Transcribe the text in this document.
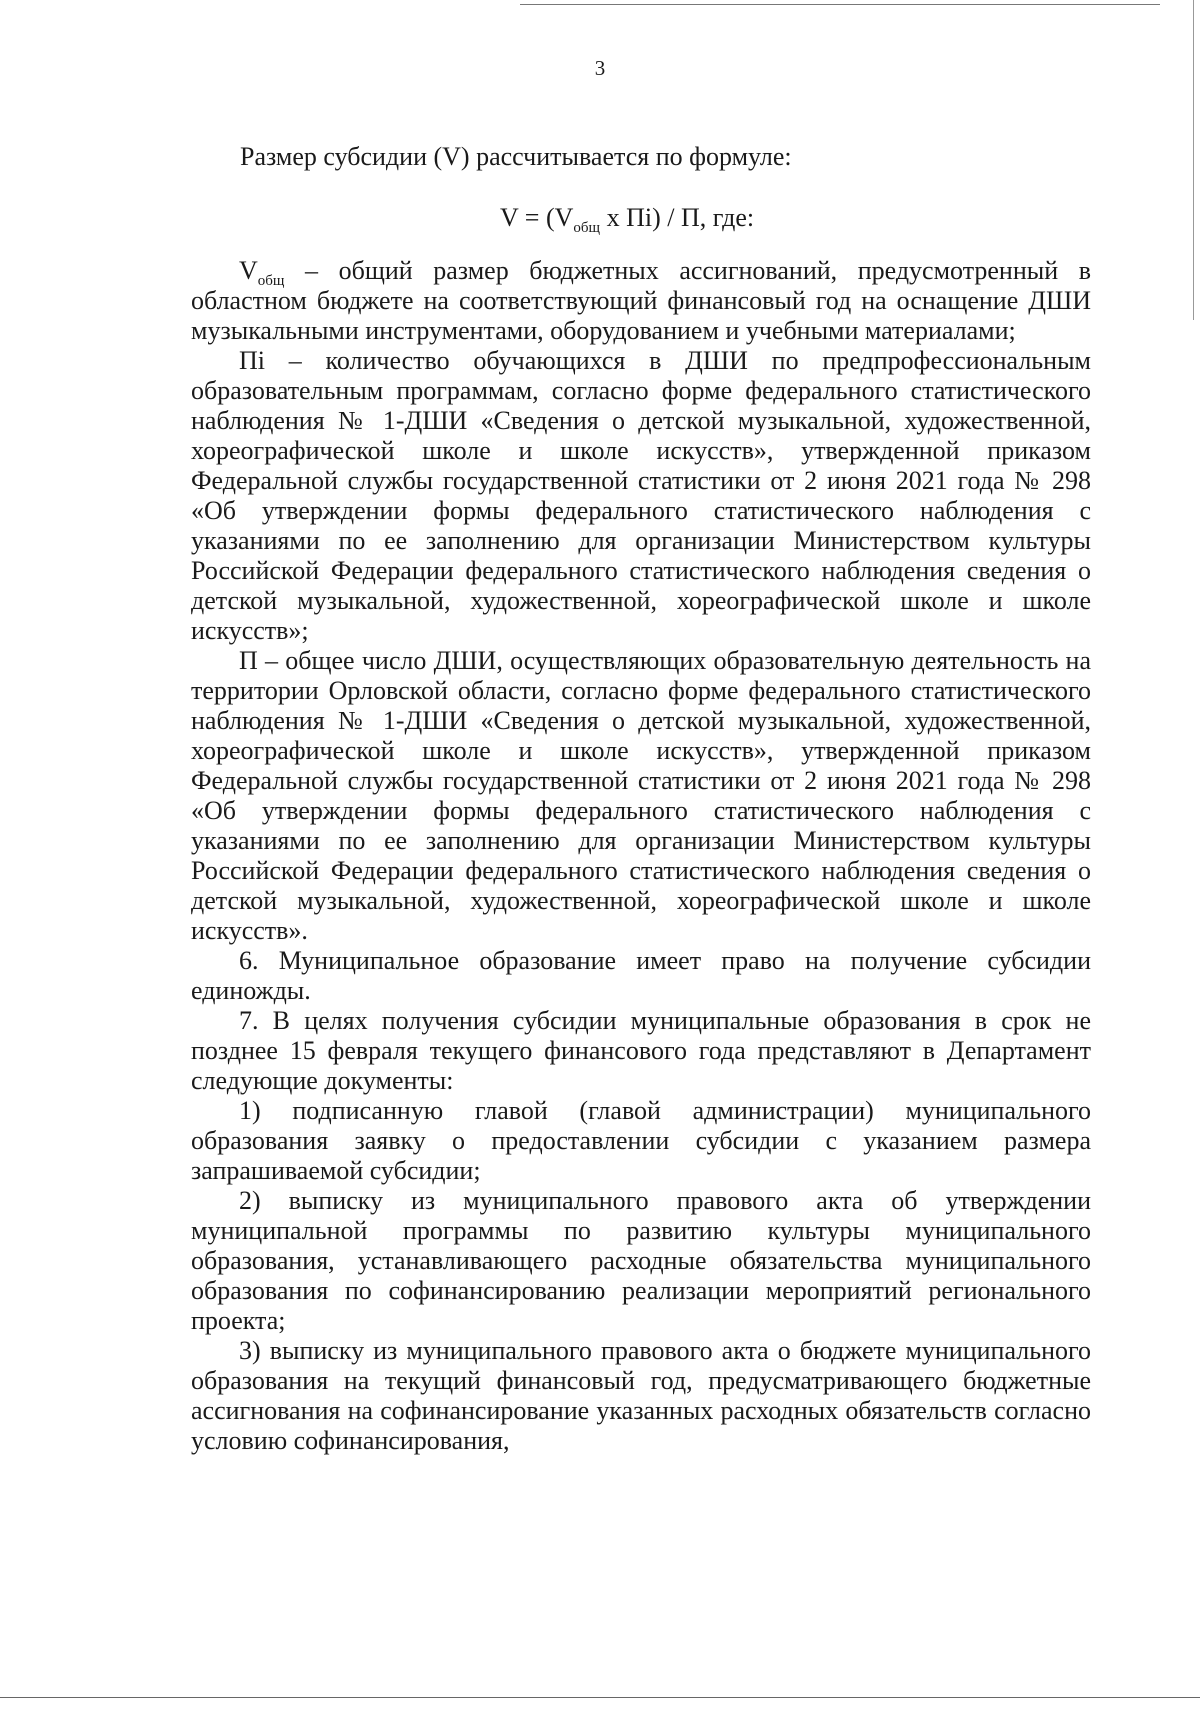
3
Размер субсидии (V) рассчитывается по формуле:
$V = (V_{общ}$ x Пі) / П, где:

$V_{общ}$ – общий размер бюджетных ассигнований, предусмотренный в областном бюджете на соответствующий финансовый год на оснащение ДШИ музыкальными инструментами, оборудованием и учебными материалами;

Пі – количество обучающихся в ДШИ по предпрофессиональным образовательным программам, согласно форме федерального статистического наблюдения № 1-ДШИ «Сведения о детской музыкальной, художественной, хореографической школе и школе искусств», утвержденной приказом Федеральной службы государственной статистики от 2 июня 2021 года № 298 «Об утверждении формы федерального статистического наблюдения с указаниями по ее заполнению для организации Министерством культуры Российской Федерации федерального статистического наблюдения сведения о детской музыкальной, художественной, хореографической школе и школе искусств»;

П – общее число ДШИ, осуществляющих образовательную деятельность на территории Орловской области, согласно форме федерального статистического наблюдения № 1-ДШИ «Сведения о детской музыкальной, художественной, хореографической школе и школе искусств», утвержденной приказом Федеральной службы государственной статистики от 2 июня 2021 года № 298 «Об утверждении формы федерального статистического наблюдения с указаниями по ее заполнению для организации Министерством культуры Российской Федерации федерального статистического наблюдения сведения о детской музыкальной, художественной, хореографической школе и школе искусств».

6. Муниципальное образование имеет право на получение субсидии единожды.

7. В целях получения субсидии муниципальные образования в срок не позднее 15 февраля текущего финансового года представляют в Департамент следующие документы:

1) подписанную главой (главой администрации) муниципального образования заявку о предоставлении субсидии с указанием размера запрашиваемой субсидии;

2) выписку из муниципального правового акта об утверждении муниципальной программы по развитию культуры муниципального образования, устанавливающего расходные обязательства муниципального образования по софинансированию реализации мероприятий регионального проекта;

3) выписку из муниципального правового акта о бюджете муниципального образования на текущий финансовый год, предусматривающего бюджетные ассигнования на софинансирование указанных расходных обязательств согласно условию софинансирования,
